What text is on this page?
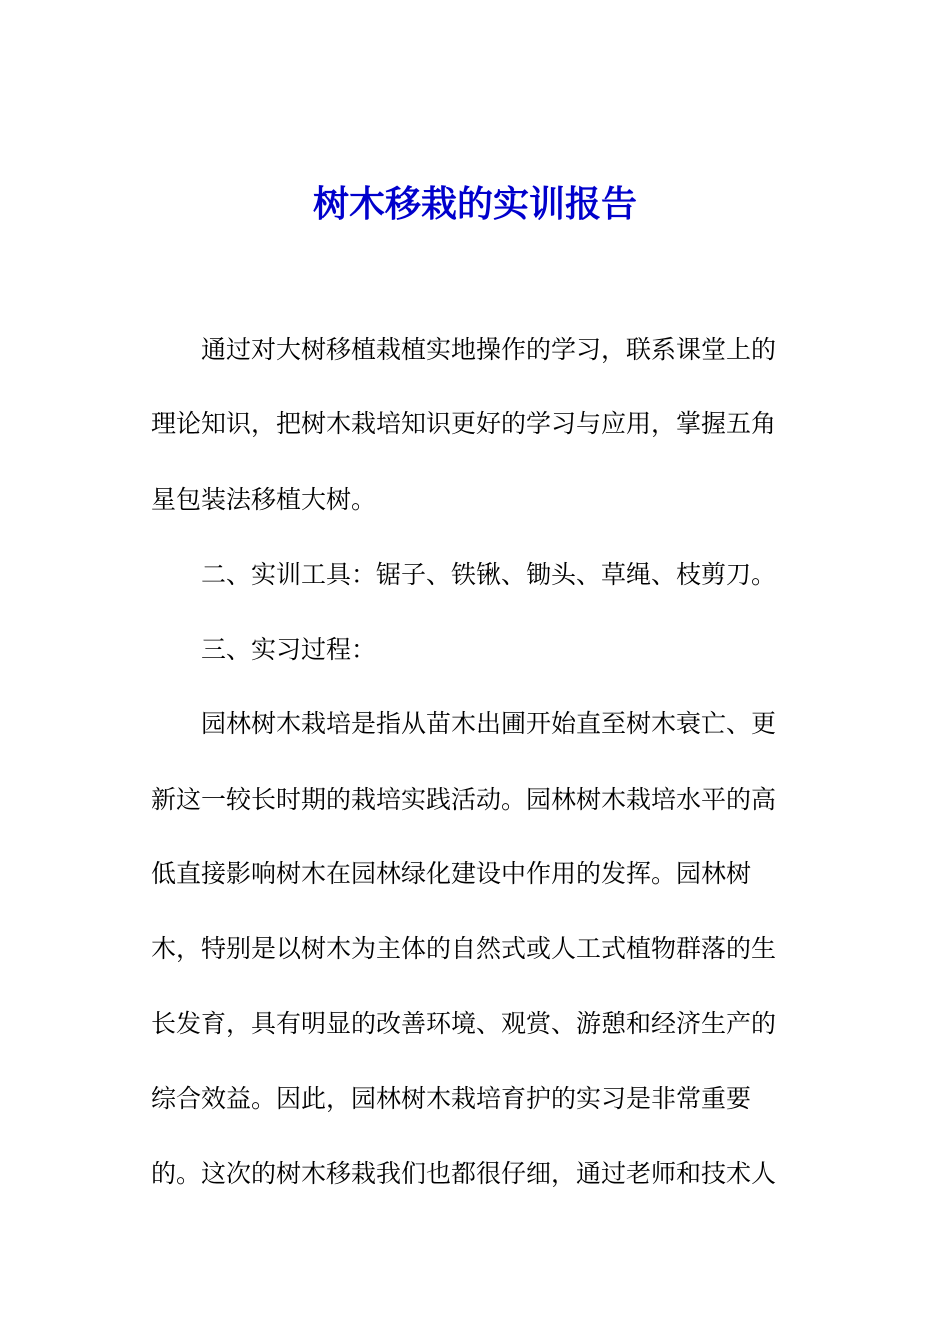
树木移栽的实训报告

通过对大树移植栽植实地操作的学习，联系课堂上的

理论知识，把树木栽培知识更好的学习与应用，掌握五角

星包装法移植大树。

二、实训工具：锯子、铁锹、锄头、草绳、枝剪刀。

三、实习过程：

园林树木栽培是指从苗木出圃开始直至树木衰亡、更

新这一较长时期的栽培实践活动。园林树木栽培水平的高

低直接影响树木在园林绿化建设中作用的发挥。园林树

木，特别是以树木为主体的自然式或人工式植物群落的生

长发育，具有明显的改善环境、观赏、游憩和经济生产的

综合效益。因此，园林树木栽培育护的实习是非常重要

的。这次的树木移栽我们也都很仔细，通过老师和技术人
